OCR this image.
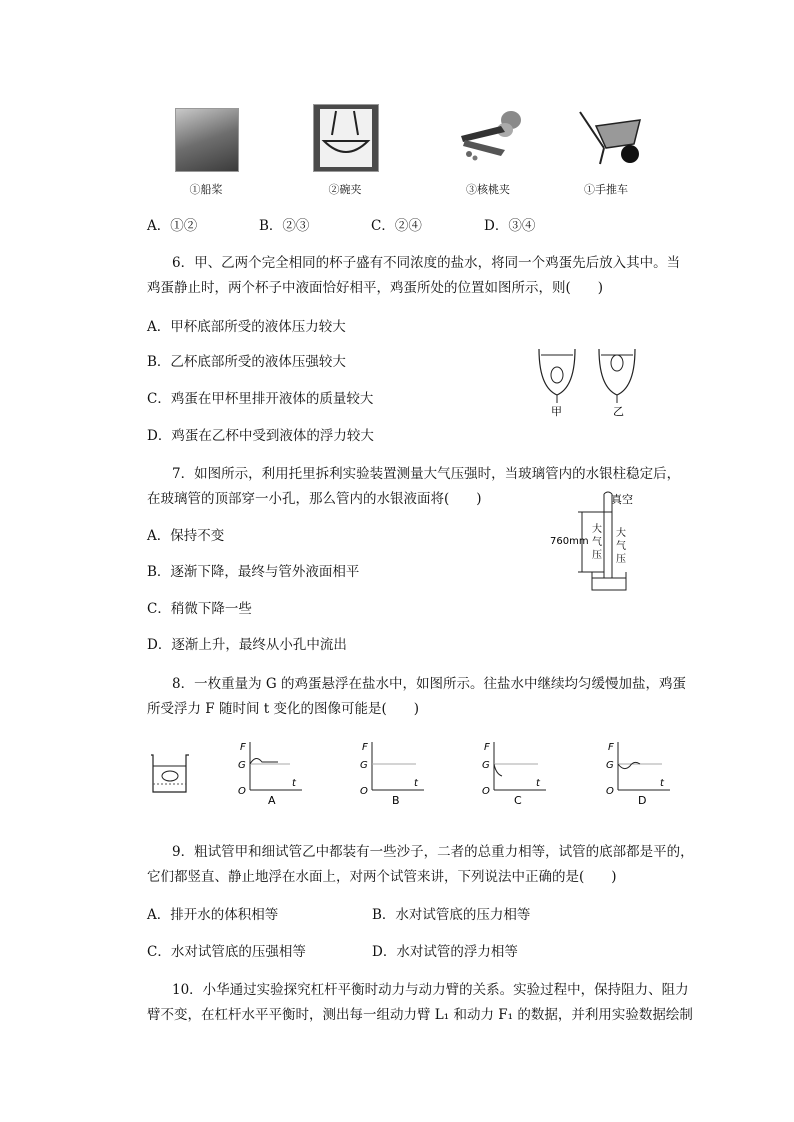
①船桨	②碗夹	③核桃夹	①手推车
A．①②	B．②③	C．②④	D．③④
6．甲、乙两个完全相同的杯子盛有不同浓度的盐水，将同一个鸡蛋先后放入其中。当
鸡蛋静止时，两个杯子中液面恰好相平，鸡蛋所处的位置如图所示，则(　　)
A．甲杯底部所受的液体压力较大
B．乙杯底部所受的液体压强较大
C．鸡蛋在甲杯里排开液体的质量较大
D．鸡蛋在乙杯中受到液体的浮力较大
甲	乙
7．如图所示，利用托里拆利实验装置测量大气压强时，当玻璃管内的水银柱稳定后，
在玻璃管的顶部穿一小孔，那么管内的水银液面将(　　)
A．保持不变
B．逐渐下降，最终与管外液面相平
C．稍微下降一些
D．逐渐上升，最终从小孔中流出
真空
760mm
大
气
压
大
气
压
8．一枚重量为 G 的鸡蛋悬浮在盐水中，如图所示。往盐水中继续均匀缓慢加盐，鸡蛋
所受浮力 F 随时间 t 变化的图像可能是(　　)
F
G
O
t
A
F
G
O
t
B
F
G
O
t
C
F
G
O
t
D
9．粗试管甲和细试管乙中都装有一些沙子，二者的总重力相等，试管的底部都是平的，
它们都竖直、静止地浮在水面上，对两个试管来讲，下列说法中正确的是(　　)
A．排开水的体积相等	B．水对试管底的压力相等
C．水对试管底的压强相等	D．水对试管的浮力相等
10．小华通过实验探究杠杆平衡时动力与动力臂的关系。实验过程中，保持阻力、阻力
臂不变，在杠杆水平平衡时，测出每一组动力臂 L₁ 和动力 F₁ 的数据，并利用实验数据绘制
